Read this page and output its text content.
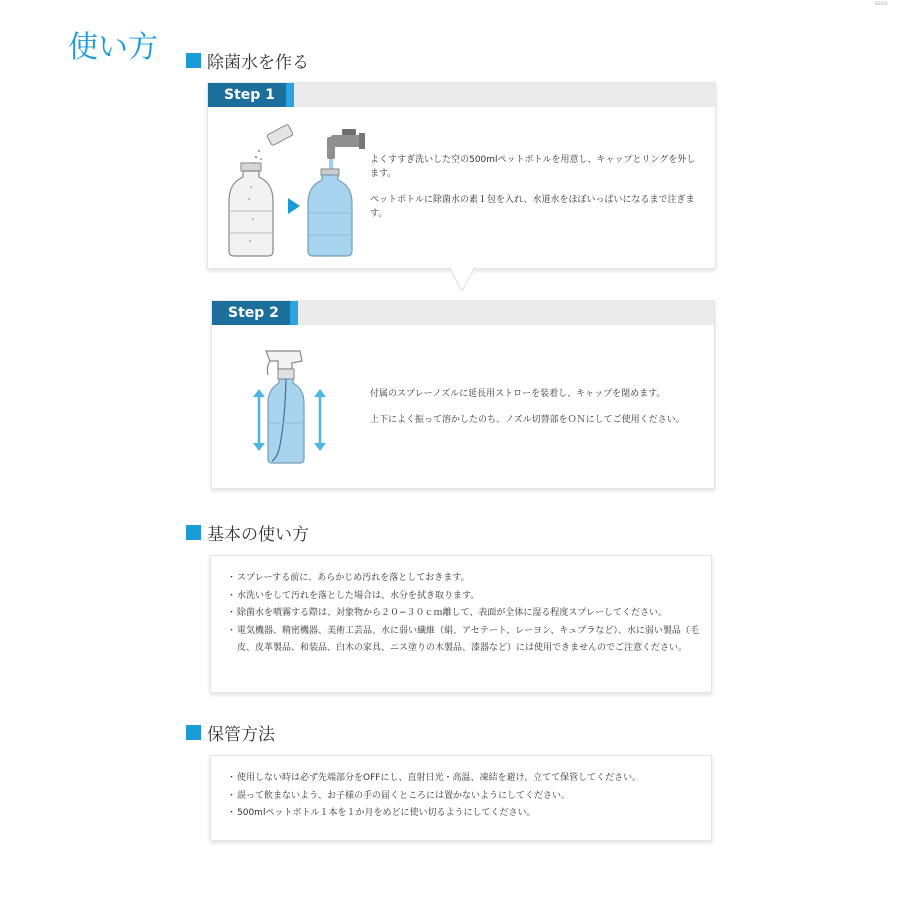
KEDS
使い方	除菌水を作る
Step 1

よくすすぎ洗いした空の500mlペットボトルを用意し、キャップとリングを外します。

ペットボトルに除菌水の素１包を入れ、水道水をほぼいっぱいになるまで注ぎます。

Step 2

付属のスプレーノズルに延長用ストローを装着し、キャップを閉めます。

上下によく振って溶かしたのち、ノズル切替部をＯＮにしてご使用ください。

基本の使い方
・ スプレーする前に、あらかじめ汚れを落としておきます。
・ 水洗いをして汚れを落とした場合は、水分を拭き取ります。
・ 除菌水を噴霧する際は、対象物から２０−３０ｃｍ離して、表面が全体に湿る程度スプレーしてください。
・ 電気機器、精密機器、美術工芸品、水に弱い繊維（絹、アセテート、レーヨン、キュプラなど）、水に弱い製品（毛皮、皮革製品、和装品、白木の家具、ニス塗りの木製品、漆器など）には使用できませんのでご注意ください。
保管方法
・ 使用しない時は必ず先端部分をOFFにし、直射日光・高温、凍結を避け、立てて保管してください。
・ 誤って飲まないよう、お子様の手の届くところには置かないようにしてください。
・ 500mlペットボトル１本を１か月をめどに使い切るようにしてください。
